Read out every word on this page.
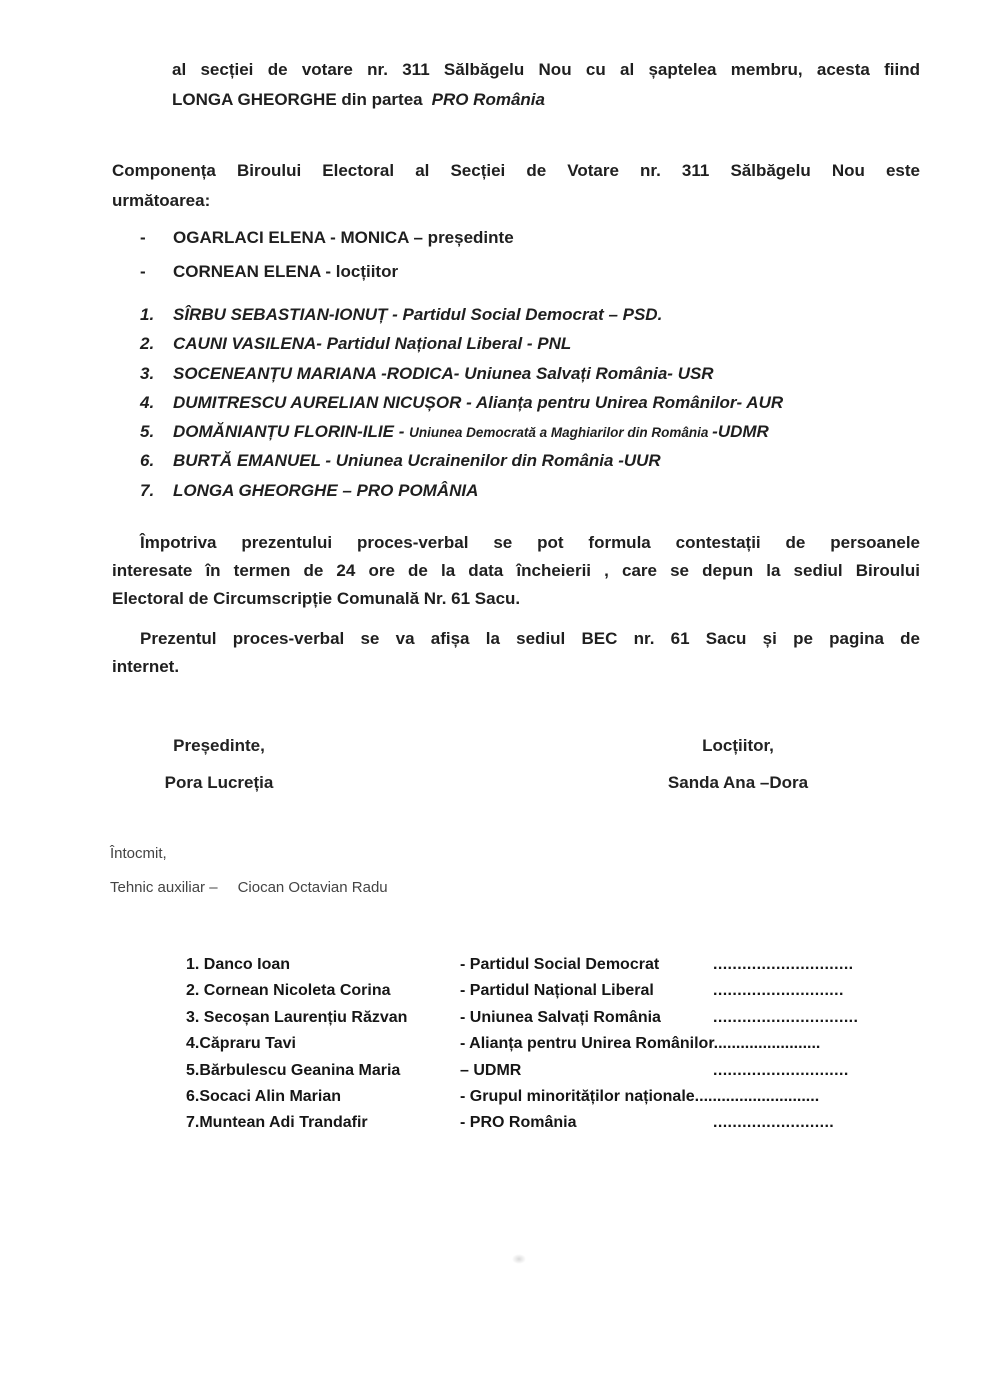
al secției de votare nr. 311 Sălbăgelu Nou cu al șaptelea membru, acesta fiind
LONGA GHEORGHE din partea PRO România
Componența Biroului Electoral al Secției de Votare nr. 311 Sălbăgelu Nou este
următoarea:
- OGARLACI ELENA - MONICA – președinte
- CORNEAN ELENA - locțiitor
1. SÎRBU SEBASTIAN-IONUȚ - Partidul Social Democrat – PSD.
2. CAUNI VASILENA- Partidul Național Liberal - PNL
3. SOCENEANȚU MARIANA -RODICA- Uniunea Salvați România- USR
4. DUMITRESCU AURELIAN NICUȘOR - Alianța pentru Unirea Românilor- AUR
5. DOMĂNIANȚU FLORIN-ILIE - Uniunea Democrată a Maghiarilor din România -UDMR
6. BURTĂ EMANUEL - Uniunea Ucrainenilor din România -UUR
7. LONGA GHEORGHE – PRO POMÂNIA
Împotriva prezentului proces-verbal se pot formula contestații de persoanele
interesate în termen de 24 ore de la data încheierii , care se depun la sediul Biroului
Electoral de Circumscripție Comunală Nr. 61 Sacu.
Prezentul proces-verbal se va afișa la sediul BEC nr. 61 Sacu și pe pagina de
internet.
Președinte,
Pora Lucreția
Locțiitor,
Sanda Ana –Dora
Întocmit,
Tehnic auxiliar – Ciocan Octavian Radu
1. Danco Ioan	- Partidul Social Democrat	.............................
2. Cornean Nicoleta Corina	- Partidul Național Liberal	...........................
3. Secoșan Laurențiu Răzvan	- Uniunea Salvați România	..............................
4.Căpraru Tavi	- Alianța pentru Unirea Românilor........................
5.Bărbulescu Geanina Maria	– UDMR	............................
6.Socaci Alin Marian	- Grupul minorităților naționale............................
7.Muntean Adi Trandafir	- PRO România	.........................
